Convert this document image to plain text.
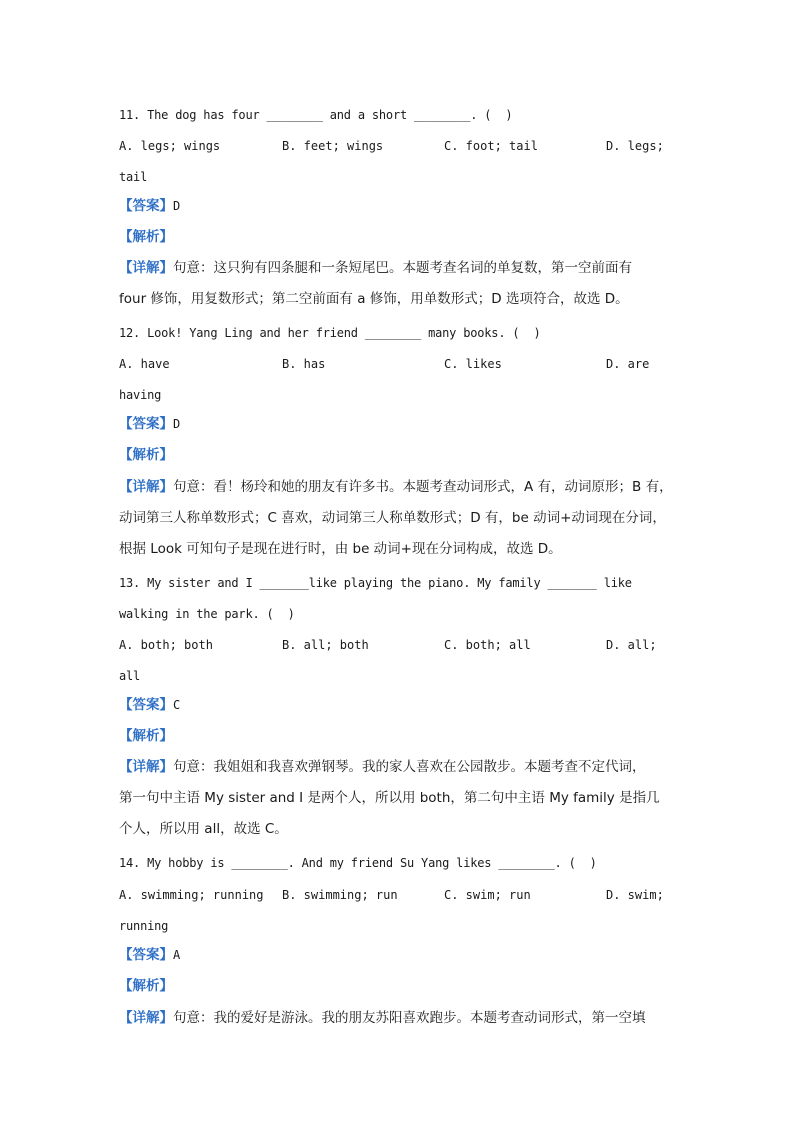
11. The dog has four ________ and a short ________. (  )
A. legs; wings	B. feet; wings	C. foot; tail	D. legs;
tail
【答案】D
【解析】
【详解】句意：这只狗有四条腿和一条短尾巴。本题考查名词的单复数，第一空前面有
four 修饰，用复数形式；第二空前面有 a 修饰，用单数形式；D 选项符合，故选 D。
12. Look! Yang Ling and her friend ________ many books. (  )
A. have	B. has	C. likes	D. are
having
【答案】D
【解析】
【详解】句意：看！杨玲和她的朋友有许多书。本题考查动词形式，A 有，动词原形；B 有，
动词第三人称单数形式；C 喜欢，动词第三人称单数形式；D 有，be 动词+动词现在分词，
根据 Look 可知句子是现在进行时，由 be 动词+现在分词构成，故选 D。
13. My sister and I _______like playing the piano. My family _______ like
walking in the park. (  )
A. both; both	B. all; both	C. both; all	D. all;
all
【答案】C
【解析】
【详解】句意：我姐姐和我喜欢弹钢琴。我的家人喜欢在公园散步。本题考查不定代词，
第一句中主语 My sister and I 是两个人，所以用 both，第二句中主语 My family 是指几
个人，所以用 all，故选 C。
14. My hobby is ________. And my friend Su Yang likes ________. (  )
A. swimming; running B. swimming; run	C. swim; run	D. swim;
running
【答案】A
【解析】
【详解】句意：我的爱好是游泳。我的朋友苏阳喜欢跑步。本题考查动词形式，第一空填
